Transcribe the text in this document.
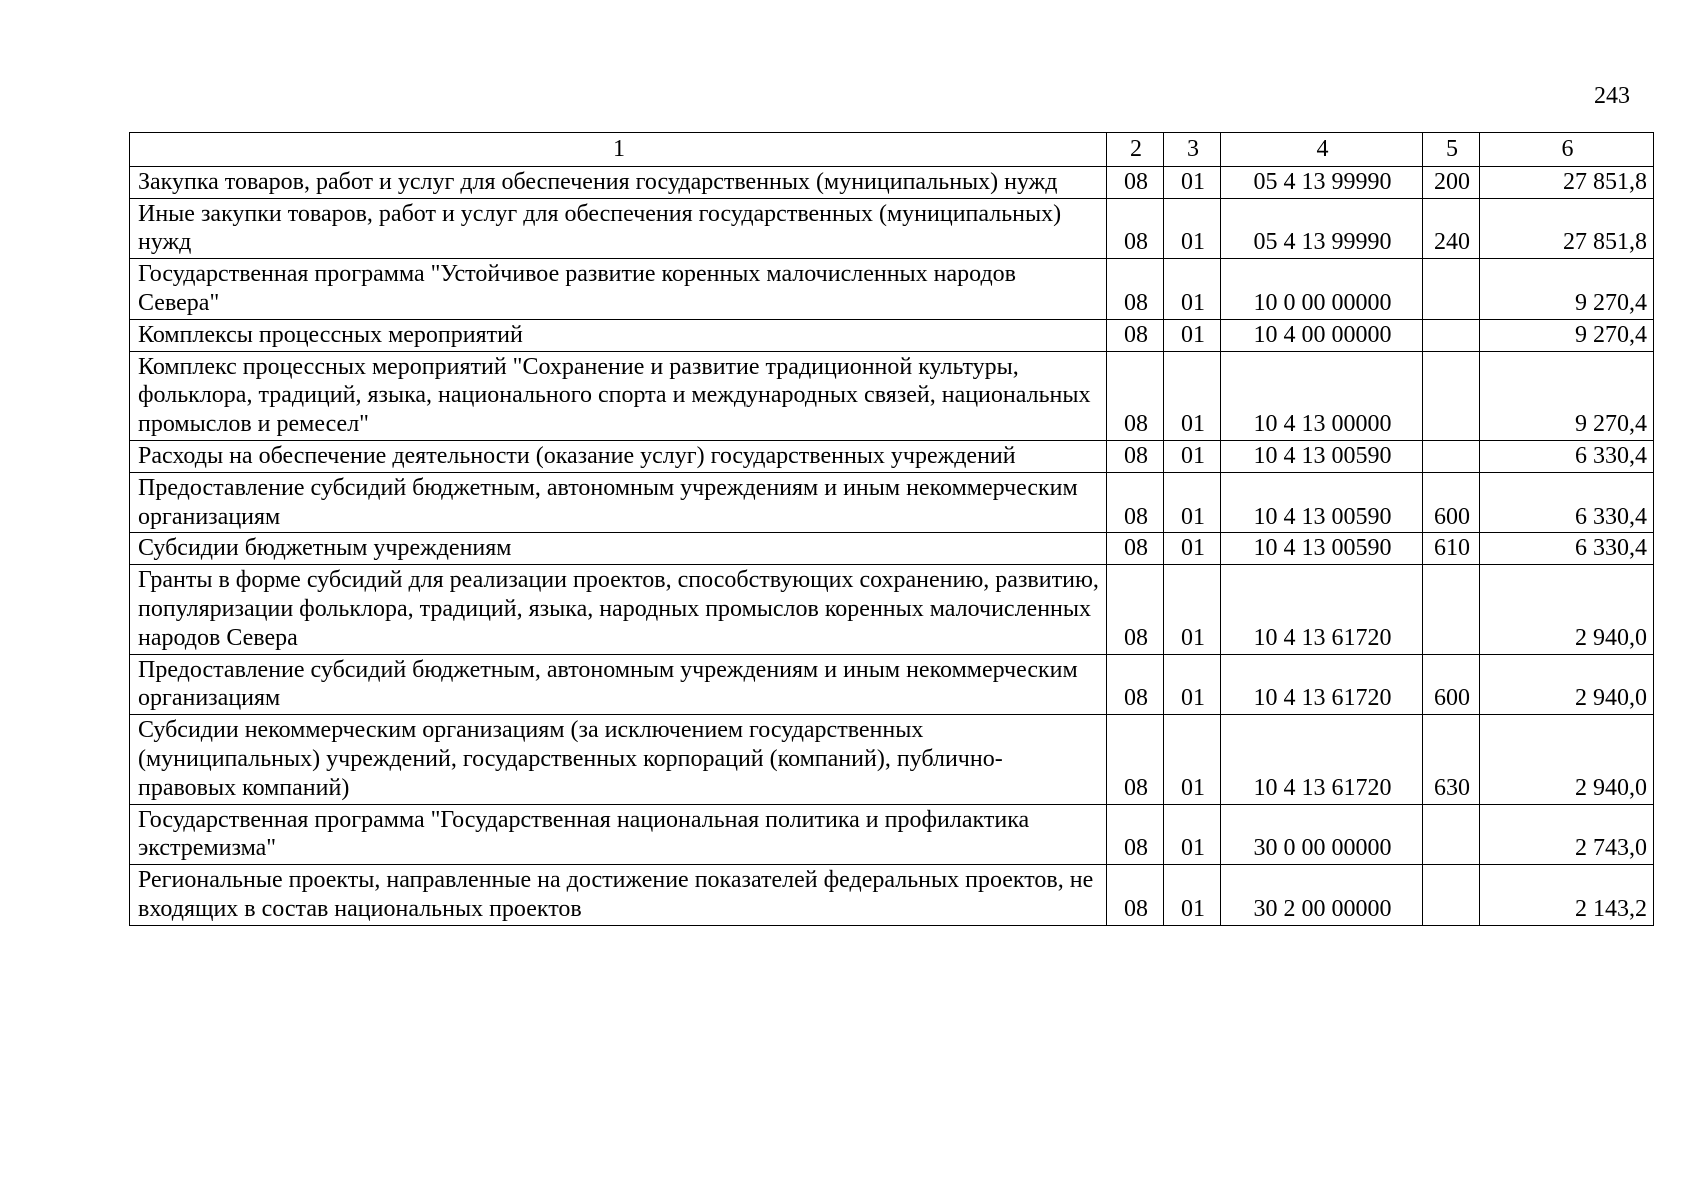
243
1	2	3	4	5	6
Закупка товаров, работ и услуг для обеспечения государственных (муниципальных) нужд	08	01	05 4 13 99990	200	27 851,8
Иные закупки товаров, работ и услуг для обеспечения государственных (муниципальных) нужд	08	01	05 4 13 99990	240	27 851,8
Государственная программа "Устойчивое развитие коренных малочисленных народов Севера"	08	01	10 0 00 00000		9 270,4
Комплексы процессных мероприятий	08	01	10 4 00 00000		9 270,4
Комплекс процессных мероприятий "Сохранение и развитие традиционной культуры, фольклора, традиций, языка, национального спорта и международных связей, национальных промыслов и ремесел"	08	01	10 4 13 00000		9 270,4
Расходы на обеспечение деятельности (оказание услуг) государственных учреждений	08	01	10 4 13 00590		6 330,4
Предоставление субсидий бюджетным, автономным учреждениям и иным некоммерческим организациям	08	01	10 4 13 00590	600	6 330,4
Субсидии бюджетным учреждениям	08	01	10 4 13 00590	610	6 330,4
Гранты в форме субсидий для реализации проектов, способствующих сохранению, развитию, популяризации фольклора, традиций, языка, народных промыслов коренных малочисленных народов Севера	08	01	10 4 13 61720		2 940,0
Предоставление субсидий бюджетным, автономным учреждениям и иным некоммерческим организациям	08	01	10 4 13 61720	600	2 940,0
Субсидии некоммерческим организациям (за исключением государственных (муниципальных) учреждений, государственных корпораций (компаний), публично-правовых компаний)	08	01	10 4 13 61720	630	2 940,0
Государственная программа "Государственная национальная политика и профилактика экстремизма"	08	01	30 0 00 00000		2 743,0
Региональные проекты, направленные на достижение показателей федеральных проектов, не входящих в состав национальных проектов	08	01	30 2 00 00000		2 143,2
